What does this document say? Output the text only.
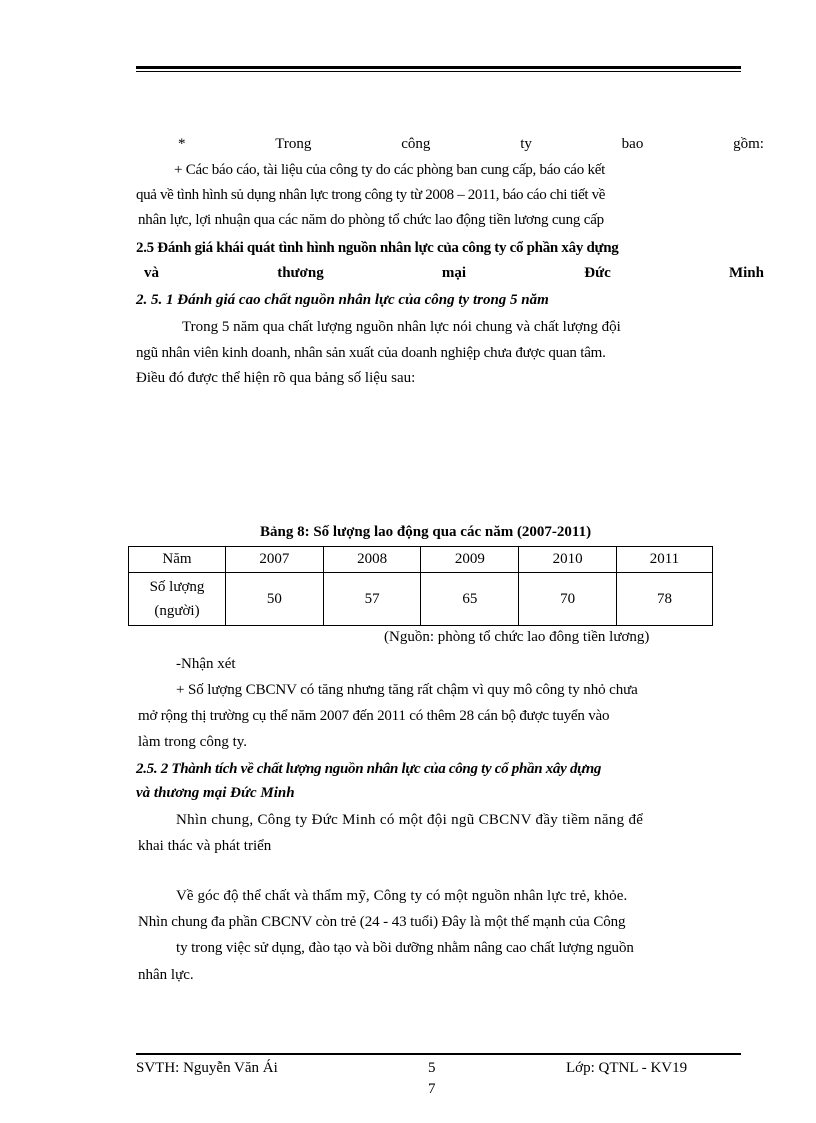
*	Trong	công	ty	bao	gồm:
+ Các báo cáo, tài liệu của công ty do các phòng ban cung cấp, báo cáo kết
quả về tình hình sủ dụng nhân lực trong công ty từ 2008 – 2011, báo cáo chi tiết về
nhân lực, lợi nhuận qua các năm do phòng tổ chức lao động tiền lương cung cấp
2.5 Đánh giá khái quát tình hình nguồn nhân lực của công ty cổ phần xây dựng
và	thương	mại	Đức	Minh
2. 5. 1 Đánh giá cao chất nguồn nhân lực của công ty trong 5 năm
Trong 5 năm qua chất lượng nguồn nhân lực nói chung và chất lượng đội
ngũ nhân viên kinh doanh, nhân sản xuất của doanh nghiệp chưa được quan tâm.
Điều đó được thể hiện rõ qua bảng số liệu sau:
Bảng 8: Số lượng lao động qua các năm (2007-2011)
Năm	2007	2008	2009	2010	2011

Số lượng
(người)	50	57	65	70	78
(Nguồn: phòng tổ chức lao đông tiền lương)
-Nhận xét
+ Số lượng CBCNV có tăng nhưng tăng rất chậm vì quy mô công ty nhỏ chưa
mở rộng thị trường cụ thể năm 2007 đến 2011 có thêm 28 cán bộ được tuyển vào
làm trong công ty.
2.5. 2 Thành tích về chất lượng nguồn nhân lực của công ty cổ phần xây dựng
và thương mại Đức Minh
Nhìn chung, Công ty Đức Minh có một đội ngũ CBCNV đầy tiềm năng để
khai thác và phát triển
Về góc độ thể chất và thẩm mỹ, Công ty có một nguồn nhân lực trẻ, khỏe.
Nhìn chung đa phần CBCNV còn trẻ (24 - 43 tuổi) Đây là một thế mạnh của Công
ty trong việc sử dụng, đào tạo và bồi dưỡng nhằm nâng cao chất lượng nguồn
nhân lực.
SVTH: Nguyễn Văn Ái	5
7
Lớp: QTNL - KV19
